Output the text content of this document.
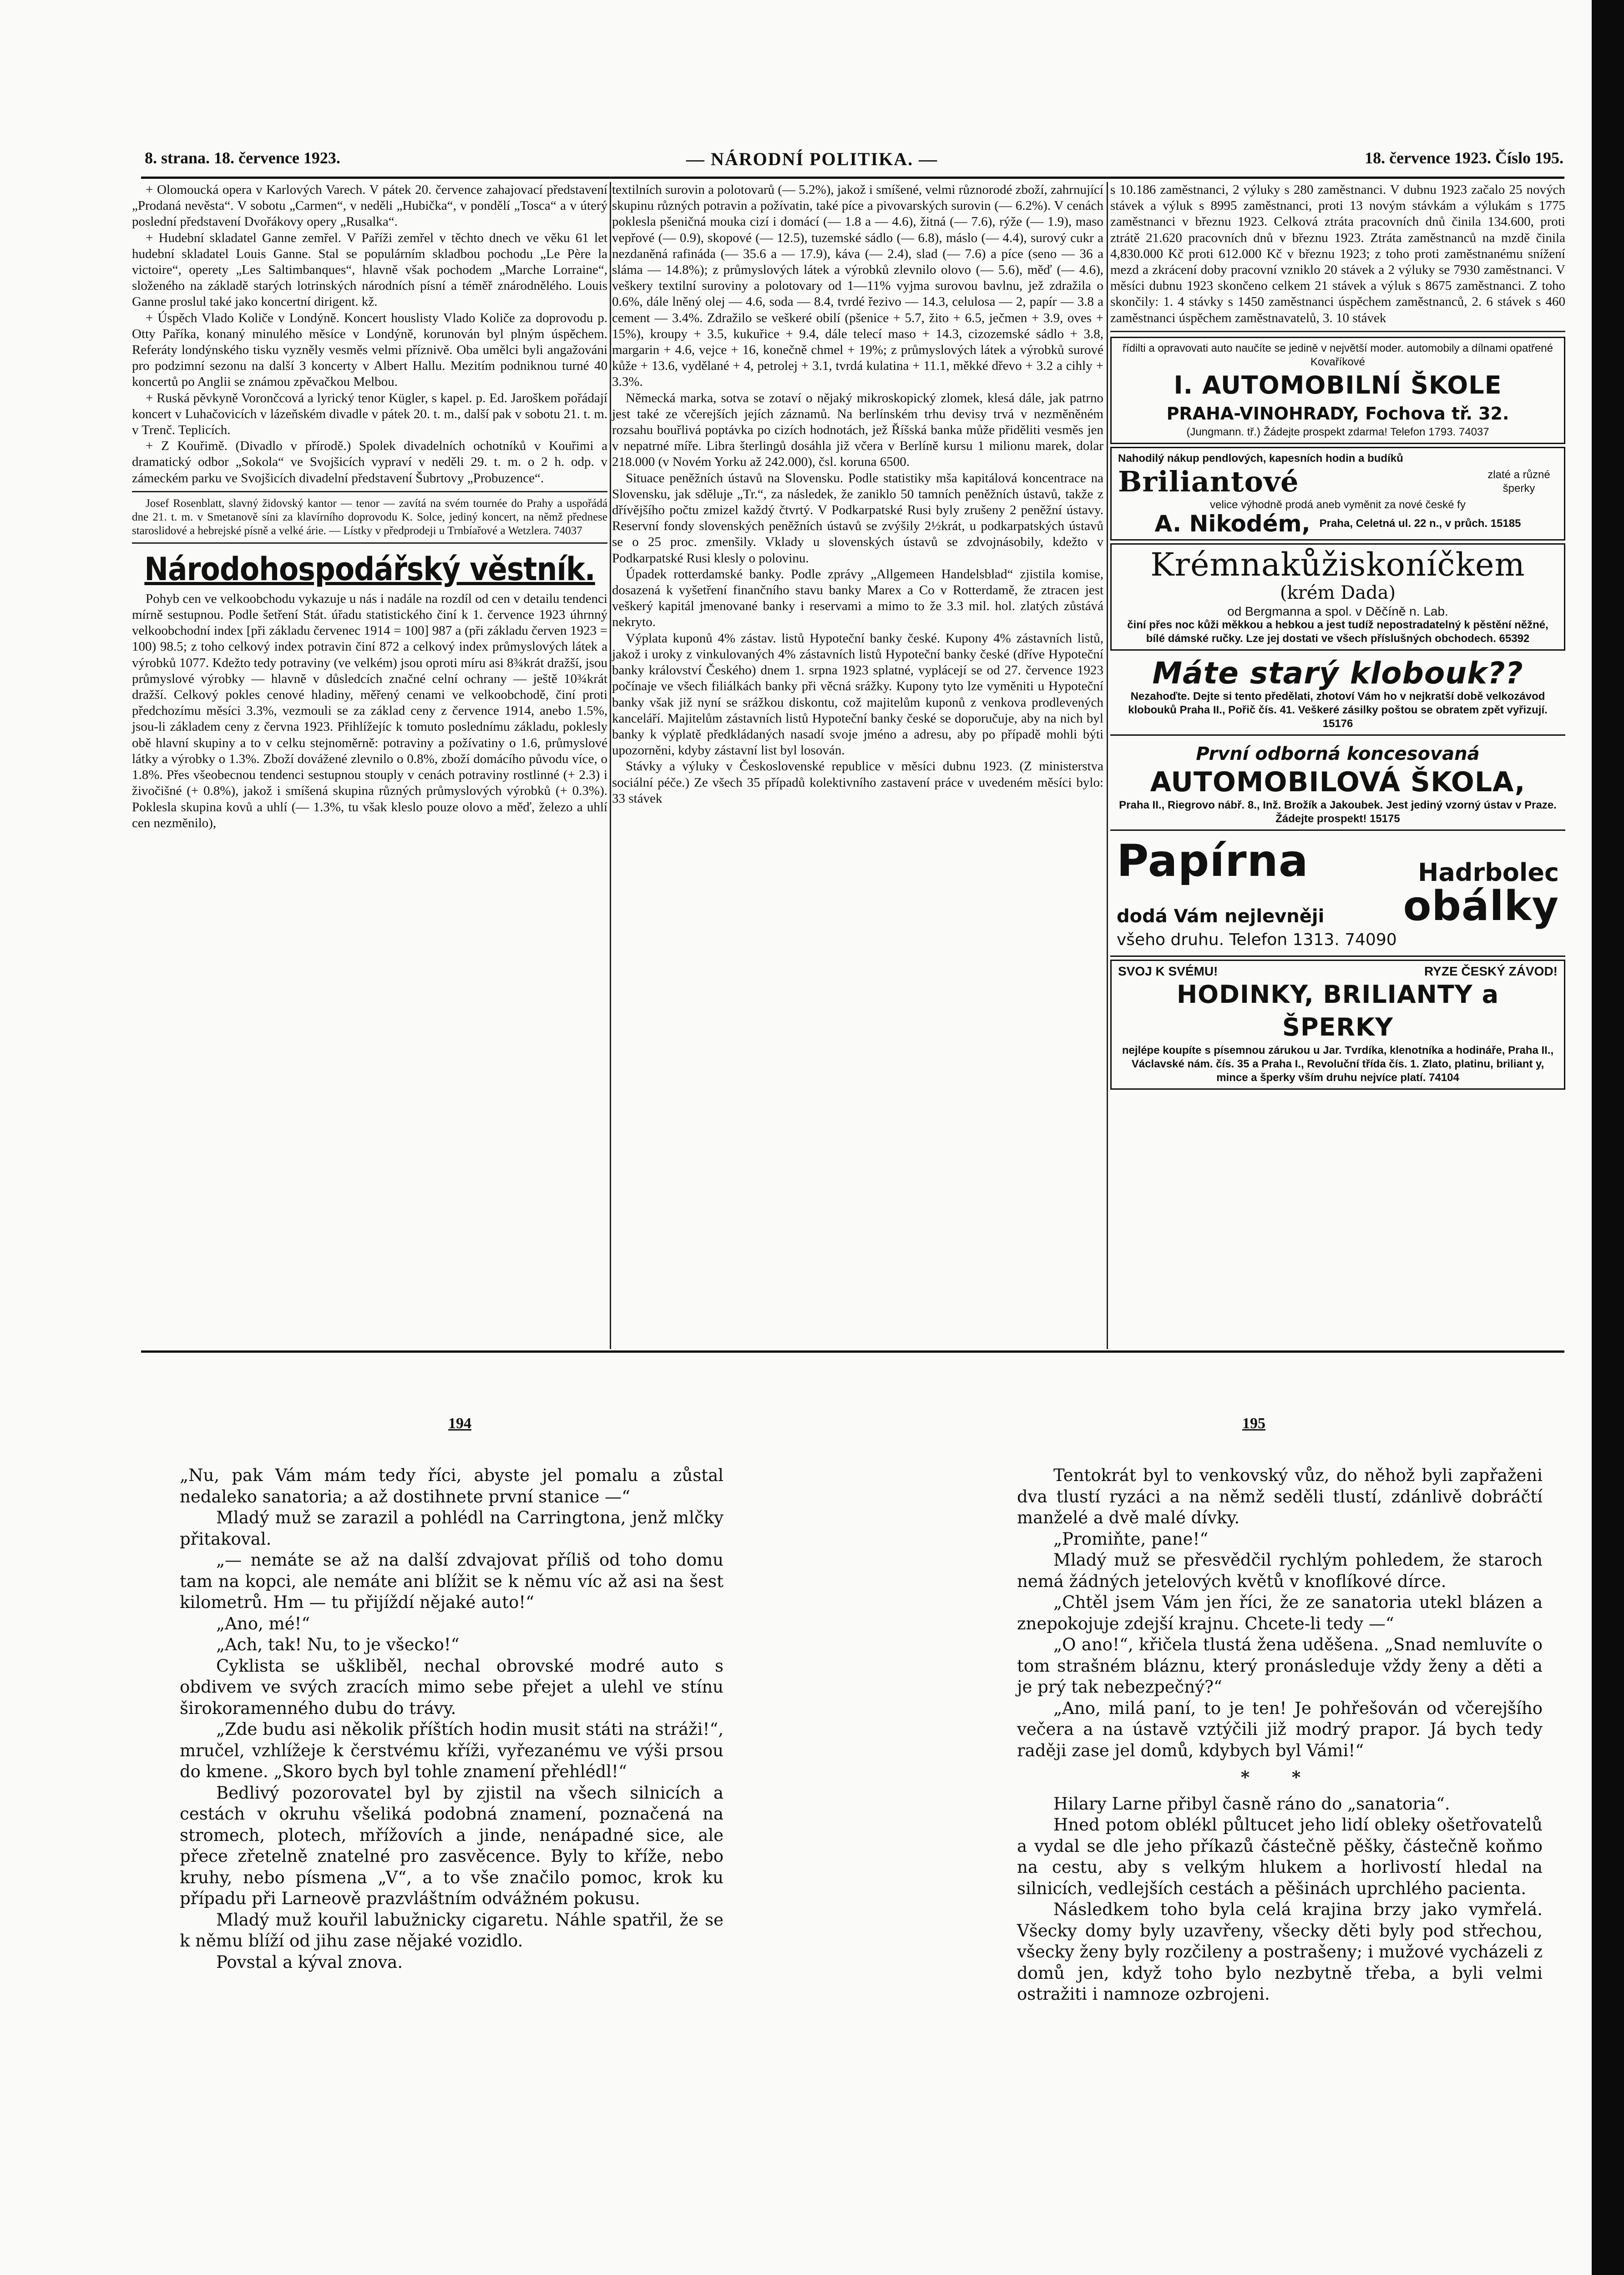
8. strana. 18. července 1923.	— NÁRODNÍ POLITIKA. —	18. července 1923. Číslo 195.

+ Olomoucká opera v Karlových Varech. V pátek 20. července zahajovací představení „Prodaná nevěsta“. V sobotu „Carmen“, v neděli „Hubička“, v pondělí „Tosca“ a v úterý poslední představení Dvořákovy opery „Rusalka“.

+ Hudební skladatel Ganne zemřel. V Paříži zemřel v těchto dnech ve věku 61 let hudební skladatel Louis Ganne. Stal se populárním skladbou pochodu „Le Père la victoire“, operety „Les Saltimbanques“, hlavně však pochodem „Marche Lorraine“, složeného na základě starých lotrinských národních písní a téměř znárodnělého. Louis Ganne proslul také jako koncertní dirigent. kž.

+ Úspěch Vlado Količe v Londýně. Koncert houslisty Vlado Količe za doprovodu p. Otty Paříka, konaný minulého měsíce v Londýně, korunován byl plným úspěchem. Referáty londýnského tisku vyzněly vesměs velmi příznivě. Oba umělci byli angažováni pro podzimní sezonu na další 3 koncerty v Albert Hallu. Mezitím podniknou turné 40 koncertů po Anglii se známou zpěvačkou Melbou.

+ Ruská pěvkyně Vorončcová a lyrický tenor Kügler, s kapel. p. Ed. Jaroškem pořádají koncert v Luhačovicích v lázeňském divadle v pátek 20. t. m., další pak v sobotu 21. t. m. v Trenč. Teplicích.

+ Z Kouřimě. (Divadlo v přírodě.) Spolek divadelních ochotníků v Kouřimi a dramatický odbor „Sokola“ ve Svojšicích vypraví v neděli 29. t. m. o 2 h. odp. v zámeckém parku ve Svojšicích divadelní představení Šubrtovy „Probuzence“.

Josef Rosenblatt, slavný židovský kantor — tenor — zavítá na svém tournée do Prahy a uspořádá dne 21. t. m. v Smetanově síni za klavírního doprovodu K. Solce, jediný koncert, na němž přednese staroslidové a hebrejské písně a velké árie. — Lístky v předprodeji u Trnbíařové a Wetzlera. 74037

Národohospodářský věstník.

Pohyb cen ve velkoobchodu vykazuje u nás i nadále na rozdíl od cen v detailu tendenci mírně sestupnou. Podle šetření Stát. úřadu statistického činí k 1. července 1923 úhrnný velkoobchodní index [při základu červenec 1914 = 100] 987 a (při základu červen 1923 = 100) 98.5; z toho celkový index potravin činí 872 a celkový index průmyslových látek a výrobků 1077. Kdežto tedy potraviny (ve velkém) jsou oproti míru asi 8¾krát dražší, jsou průmyslové výrobky — hlavně v důsledcích značné celní ochrany — ještě 10¾krát dražší. Celkový pokles cenové hladiny, měřený cenami ve velkoobchodě, činí proti předchozímu měsíci 3.3%, vezmouli se za základ ceny z července 1914, anebo 1.5%, jsou-li základem ceny z června 1923. Přihlížejíc k tomuto poslednímu základu, poklesly obě hlavní skupiny a to v celku stejnoměrně: potraviny a požívatiny o 1.6, průmyslové látky a výrobky o 1.3%. Zboží dovážené zlevnilo o 0.8%, zboží domácího původu více, o 1.8%. Přes všeobecnou tendenci sestupnou stouply v cenách potraviny rostlinné (+ 2.3) i živočišné (+ 0.8%), jakož i smíšená skupina různých průmyslových výrobků (+ 0.3%). Poklesla skupina kovů a uhlí (— 1.3%, tu však kleslo pouze olovo a měď, železo a uhlí cen nezměnilo),

textilních surovin a polotovarů (— 5.2%), jakož i smíšené, velmi různorodé zboží, zahrnující skupinu různých potravin a požívatin, také pícе a pivovarských surovin (— 6.2%). V cenách poklesla pšeničná mouka cizí i domácí (— 1.8 a — 4.6), žitná (— 7.6), rýže (— 1.9), maso vepřové (— 0.9), skopové (— 12.5), tuzemské sádlo (— 6.8), máslo (— 4.4), surový cukr a nezdaněná rafináda (— 35.6 a — 17.9), káva (— 2.4), slad (— 7.6) a píce (seno — 36 a sláma — 14.8%); z průmyslových látek a výrobků zlevnilo olovo (— 5.6), měď (— 4.6), veškery textilní suroviny a polotovary od 1—11% vyjma surovou bavlnu, jež zdražila o 0.6%, dále lněný olej — 4.6, soda — 8.4, tvrdé řezivo — 14.3, celulosa — 2, papír — 3.8 a cement — 3.4%. Zdražilo se veškeré obilí (pšenice + 5.7, žito + 6.5, ječmen + 3.9, oves + 15%), kroupy + 3.5, kukuřice + 9.4, dále telecí maso + 14.3, cizozemské sádlo + 3.8, margarin + 4.6, vejce + 16, konečně chmel + 19%; z průmyslových látek a výrobků surové kůže + 13.6, vydělané + 4, petrolej + 3.1, tvrdá kulatina + 11.1, měkké dřevo + 3.2 a cihly + 3.3%.

Německá marka, sotva se zotaví o nějaký mikroskopický zlomek, klesá dále, jak patrno jest také ze včerejších jejích záznamů. Na berlínském trhu devisy trvá v nezměněném rozsahu bouřlivá poptávka po cizích hodnotách, jež Říšská banka může přiděliti vesměs jen v nepatrné míře. Libra šterlingů dosáhla již včera v Berlíně kursu 1 milionu marek, dolar 218.000 (v Novém Yorku až 242.000), čsl. koruna 6500.

Situace peněžních ústavů na Slovensku. Podle statistiky mša kapitálová koncentrace na Slovensku, jak sděluje „Tr.“, za následek, že zaniklo 50 tamních peněžních ústavů, takže z dřívějšího počtu zmizel každý čtvrtý. V Podkarpatské Rusi byly zrušeny 2 peněžní ústavy. Reservní fondy slovenských peněžních ústavů se zvýšily 2½krát, u podkarpatských ústavů se o 25 proc. zmenšily. Vklady u slovenských ústavů se zdvojnásobily, kdežto v Podkarpatské Rusi klesly o polovinu.

Úpadek rotterdamské banky. Podle zprávy „Allgemeen Handelsblad“ zjistila komise, dosazená k vyšetření finančního stavu banky Marex a Co v Rotterdamě, že ztracen jest veškerý kapitál jmenované banky i reservami a mimo to že 3.3 mil. hol. zlatých zůstává nekryto.

Výplata kuponů 4% zástav. listů Hypoteční banky české. Kupony 4% zástavních listů, jakož i uroky z vinkulovaných 4% zástavních listů Hypoteční banky české (dříve Hypoteční banky království Českého) dnem 1. srpna 1923 splatné, vyplácejí se od 27. července 1923 počínaje ve všech filiálkách banky při věcná srážky. Kupony tyto lze vyměniti u Hypoteční banky však již nyní se srážkou diskontu, což majitelům kuponů z venkova prodlevených kanceláří. Majitelům zástavních listů Hypoteční banky české se doporučuje, aby na nich byl banky k výplatě předkládaných nasadí svoje jméno a adresu, aby po případě mohli býti upozorněni, kdyby zástavní list byl losován.

Stávky a výluky v Československé republice v měsíci dubnu 1923. (Z ministerstva sociální péče.) Ze všech 35 případů kolektivního zastavení práce v uvedeném měsíci bylo: 33 stávek

s 10.186 zaměstnanci, 2 výluky s 280 zaměstnanci. V dubnu 1923 začalo 25 nových stávek a výluk s 8995 zaměstnanci, proti 13 novým stávkám a výlukám s 1775 zaměstnanci v březnu 1923. Celková ztráta pracovních dnů činila 134.600, proti ztrátě 21.620 pracovních dnů v březnu 1923. Ztráta zaměstnanců na mzdě činila 4,830.000 Kč proti 612.000 Kč v březnu 1923; z toho proti zaměstnanému snížení mezd a zkrácení doby pracovní vzniklo 20 stávek a 2 výluky se 7930 zaměstnanci. V měsíci dubnu 1923 skončeno celkem 21 stávek a výluk s 8675 zaměstnanci. Z toho skončily: 1. 4 stávky s 1450 zaměstnanci úspěchem zaměstnanců, 2. 6 stávek s 460 zaměstnanci úspěchem zaměstnavatelů, 3. 10 stávek

řídilti a opravovati auto naučíte se jedině v největší moder. automobily a dílnami opatřené Kovaříkové
I. AUTOMOBILNÍ ŠKOLE
PRAHA-VINOHRADY, Fochova tř. 32.
(Jungmann. tř.) Žádejte prospekt zdarma! Telefon 1793. 74037
Nahodilý nákup pendlových, kapesních hodin a budíků
Briliantové	zlaté a různé šperky
velice výhodně prodá aneb vyměnit za nové české fy
A. Nikodém, Praha, Celetná ul. 22 n., v průch. 15185
Krémnakůžiskoníčkem
(krém Dada)
od Bergmanna a spol. v Děčíně n. Lab.
činí přes noc kůži měkkou a hebkou a jest tudíž nepostradatelný k pěstění něžné, bílé dámské ručky. Lze jej dostati ve všech příslušných obchodech. 65392
Máte starý klobouk??
Nezahoďte. Dejte si tento předělati, zhotoví Vám ho v nejkratší době velkozávod klobouků Praha II., Pořič čís. 41. Veškeré zásilky poštou se obratem zpět vyřizují. 15176
První odborná koncesovaná
AUTOMOBILOVÁ ŠKOLA,
Praha II., Riegrovo nábř. 8., Inž. Brožík a Jakoubek. Jest jediný vzorný ústav v Praze. Žádejte prospekt! 15175
Papírna	Hadrbolec
dodá Vám nejlevněji obálky
všeho druhu. Telefon 1313. 74090
SVOJ K SVÉMU!	RYZE ČESKÝ ZÁVOD!
HODINKY, BRILIANTY a ŠPERKY
nejlépe koupíte s písemnou zárukou u Jar. Tvrdíka, klenotníka a hodináře, Praha II., Václavské nám. čís. 35 a Praha I., Revoluční třída čís. 1. Zlato, platinu, briliant y, mince a šperky vším druhu nejvíce platí. 74104
194	195

„Nu, pak Vám mám tedy říci, abyste jel pomalu a zůstal nedaleko sanatoria; a až dostihnete první stanice —“

Mladý muž se zarazil a pohlédl na Carringtona, jenž mlčky přitakoval.

„— nemáte se až na další zdvajovat příliš od toho domu tam na kopci, ale nemáte ani blížit se k němu víc až asi na šest kilometrů. Hm — tu přijíždí nějaké auto!“

„Ano, mé!“

„Ach, tak! Nu, to je všecko!“

Cyklista se uškliběl, nechal obrovské modré auto s obdivem ve svých zracích mimo sebe přejet a ulehl ve stínu širokoramenného dubu do trávy.

„Zde budu asi několik příštích hodin musit státi na stráži!“, mručel, vzhlížeje k čerstvému kříži, vyřezanému ve výši prsou do kmene. „Skoro bych byl tohle znamení přehlédl!“

Bedlivý pozorovatel byl by zjistil na všech silnicích a cestách v okruhu všeliká podobná znamení, poznačená na stromech, plotech, mřížovích a jinde, nenápadné sice, ale přece zřetelně znatelné pro zasvěcence. Byly to kříže, nebo kruhy, nebo písmena „V“, a to vše značilo pomoc, krok ku případu při Larneově prazvláštním odvážném pokusu.

Mladý muž kouřil labužnicky cigaretu. Náhle spatřil, že se k němu blíží od jihu zase nějaké vozidlo.

Povstal a kýval znova.

Tentokrát byl to venkovský vůz, do něhož byli zapřaženi dva tlustí ryzáci a na němž seděli tlustí, zdánlivě dobráčtí manželé a dvě malé dívky.

„Promiňte, pane!“

Mladý muž se přesvědčil rychlým pohledem, že staroch nemá žádných jetelových květů v knoflíkové dírce.

„Chtěl jsem Vám jen říci, že ze sanatoria utekl blázen a znepokojuje zdejší krajnu. Chcete-li tedy —“

„O ano!“, křičela tlustá žena uděšena. „Snad nemluvíte o tom strašném bláznu, který pronásleduje vždy ženy a děti a je prý tak nebezpečný?“

„Ano, milá paní, to je ten! Je pohřešován od včerejšího večera a na ústavě vztýčili již modrý prapor. Já bych tedy raději zase jel domů, kdybych byl Vámi!“

* *

Hilary Larne přibyl časně ráno do „sanatoria“.

Hned potom oblékl půltucet jeho lidí obleky ošetřovatelů a vydal se dle jeho příkazů částečně pěšky, částečně koňmo na cestu, aby s velkým hlukem a horlivostí hledal na silnicích, vedlejších cestách a pěšinách uprchlého pacienta.

Následkem toho byla celá krajina brzy jako vymřelá. Všecky domy byly uzavřeny, všecky děti byly pod střechou, všecky ženy byly rozčileny a postrašeny; i mužové vycházeli z domů jen, když toho bylo nezbytně třeba, a byli velmi ostražiti i namnoze ozbrojeni.
